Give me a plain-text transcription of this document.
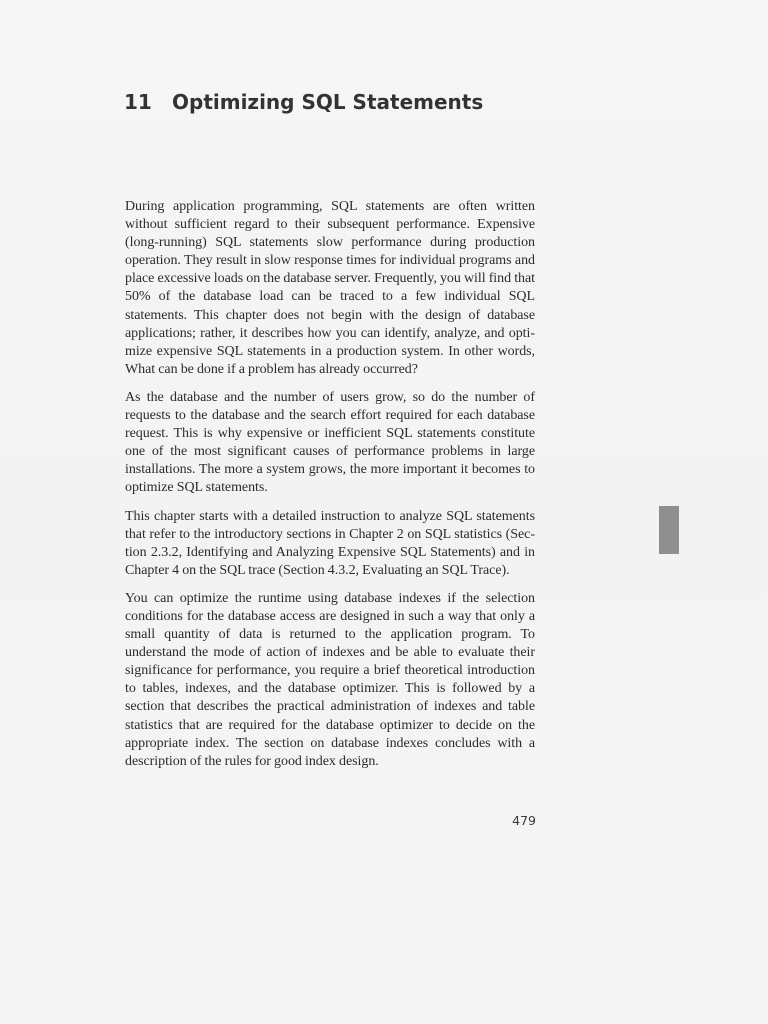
11 Optimizing SQL Statements

During application programming, SQL statements are often written without sufficient regard to their subsequent performance. Expensive (long-running) SQL statements slow performance during production operation. They result in slow response times for individual programs and place excessive loads on the database server. Frequently, you will find that 50% of the database load can be traced to a few individual SQL statements. This chapter does not begin with the design of database applications; rather, it describes how you can identify, analyze, and optimize expensive SQL statements in a production system. In other words, What can be done if a problem has already occurred?

As the database and the number of users grow, so do the number of requests to the database and the search effort required for each database request. This is why expensive or inefficient SQL statements constitute one of the most significant causes of performance problems in large installations. The more a system grows, the more important it becomes to optimize SQL statements.

This chapter starts with a detailed instruction to analyze SQL statements that refer to the introductory sections in Chapter 2 on SQL statistics (Section 2.3.2, Identifying and Analyzing Expensive SQL Statements) and in Chapter 4 on the SQL trace (Section 4.3.2, Evaluating an SQL Trace).

You can optimize the runtime using database indexes if the selection conditions for the database access are designed in such a way that only a small quantity of data is returned to the application program. To understand the mode of action of indexes and be able to evaluate their significance for performance, you require a brief theoretical introduction to tables, indexes, and the database optimizer. This is followed by a section that describes the practical administration of indexes and table statistics that are required for the database optimizer to decide on the appropriate index. The section on database indexes concludes with a description of the rules for good index design.

479
